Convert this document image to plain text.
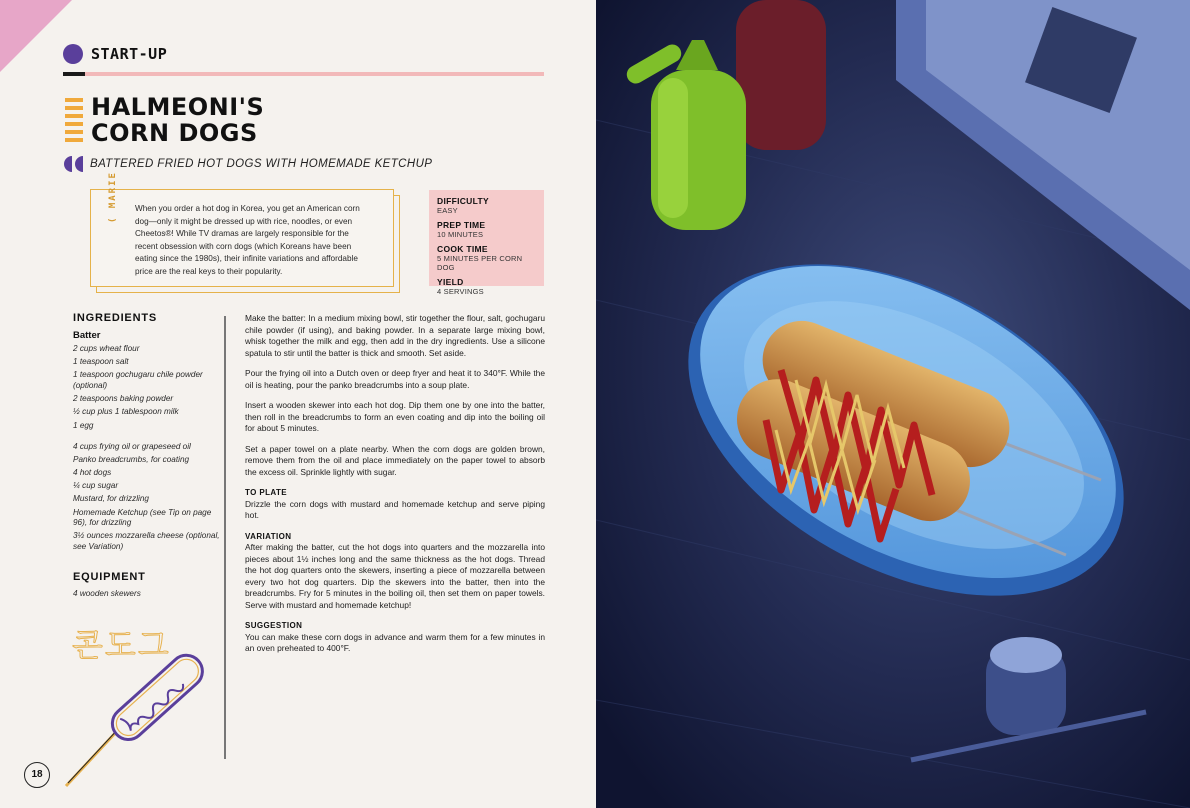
START-UP
HALMEONI'S
CORN DOGS
BATTERED FRIED HOT DOGS WITH HOMEMADE KETCHUP
( MARIE When you order a hot dog in Korea, you get an American corn dog—only it might be dressed up with rice, noodles, or even Cheetos®! While TV dramas are largely responsible for the recent obsession with corn dogs (which Koreans have been eating since the 1980s), their infinite variations and affordable price are the real keys to their popularity.
DIFFICULTY
EASY
PREP TIME
10 MINUTES
COOK TIME
5 MINUTES PER CORN DOG
YIELD
4 SERVINGS
INGREDIENTS
Batter
2 cups wheat flour
1 teaspoon salt
1 teaspoon gochugaru chile powder (optional)
2 teaspoons baking powder
½ cup plus 1 tablespoon milk
1 egg
4 cups frying oil or grapeseed oil
Panko breadcrumbs, for coating
4 hot dogs
¼ cup sugar
Mustard, for drizzling
Homemade Ketchup (see Tip on page 96), for drizzling
3½ ounces mozzarella cheese (optional, see Variation)
EQUIPMENT
4 wooden skewers

Make the batter: In a medium mixing bowl, stir together the flour, salt, gochugaru chile powder (if using), and baking powder. In a separate large mixing bowl, whisk together the milk and egg, then add in the dry ingredients. Use a silicone spatula to stir until the batter is thick and smooth. Set aside.

Pour the frying oil into a Dutch oven or deep fryer and heat it to 340°F. While the oil is heating, pour the panko breadcrumbs into a soup plate.

Insert a wooden skewer into each hot dog. Dip them one by one into the batter, then roll in the breadcrumbs to form an even coating and dip into the boiling oil for about 5 minutes.

Set a paper towel on a plate nearby. When the corn dogs are golden brown, remove them from the oil and place immediately on the paper towel to absorb the excess oil. Sprinkle lightly with sugar.

TO PLATE

Drizzle the corn dogs with mustard and homemade ketchup and serve piping hot.

VARIATION

After making the batter, cut the hot dogs into quarters and the mozzarella into pieces about 1½ inches long and the same thickness as the hot dogs. Thread the hot dog quarters onto the skewers, inserting a piece of mozzarella between every two hot dog quarters. Dip the skewers into the batter, then into the breadcrumbs. Fry for 5 minutes in the boiling oil, then set them on paper towels. Serve with mustard and homemade ketchup!

SUGGESTION

You can make these corn dogs in advance and warm them for a few minutes in an oven preheated to 400°F.

콘도그
18
